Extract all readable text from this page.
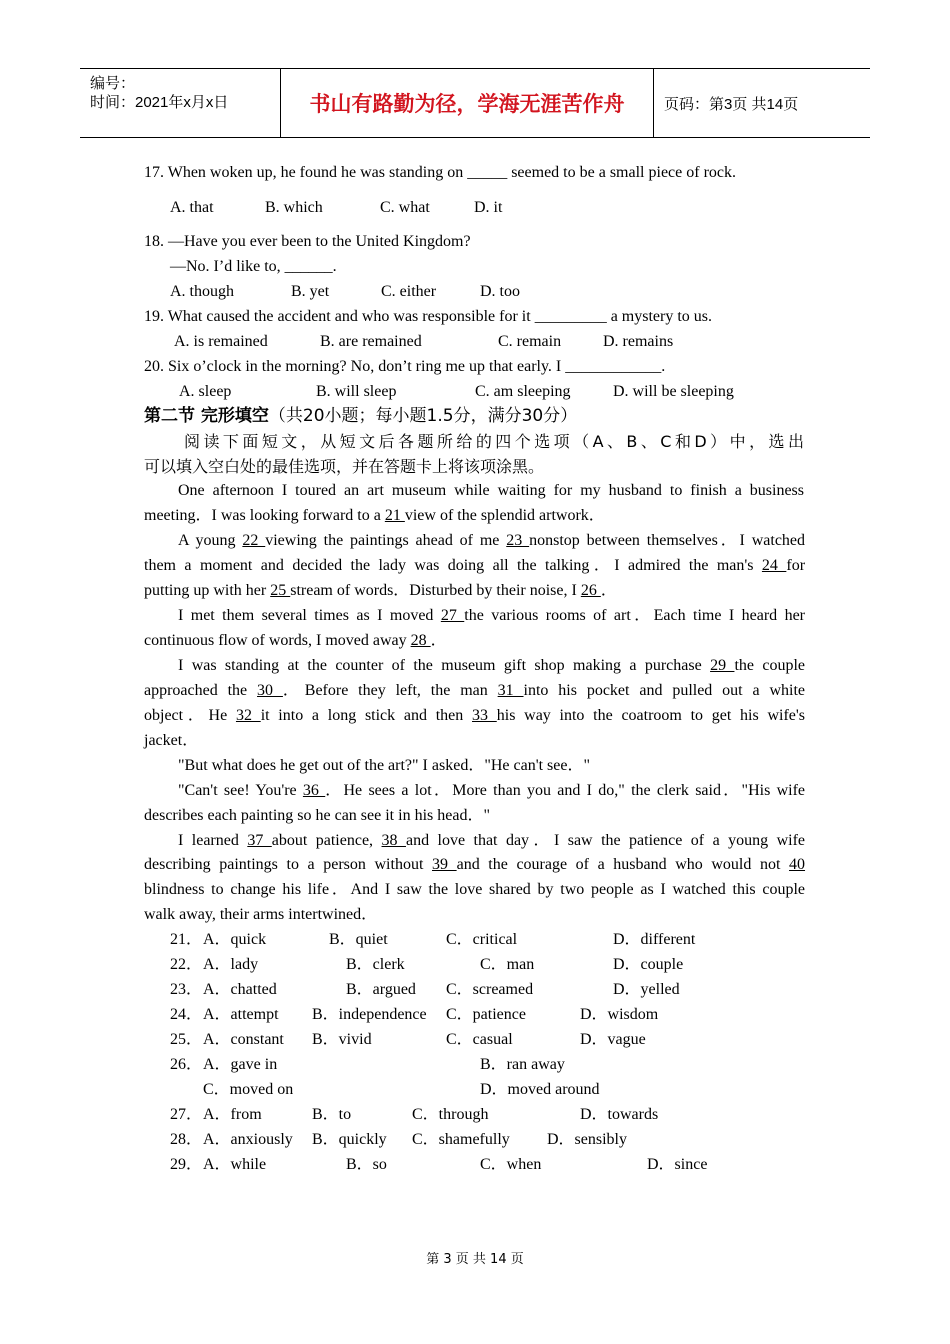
编号：
时间：2021年x月x日	书山有路勤为径，学海无涯苦作舟	页码：第3页 共14页
17. When woken up, he found he was standing on _____ seemed to be a small piece of rock.
A. that	B. which	C. what	D. it
18. —Have you ever been to the United Kingdom?
—No. I’d like to, ______.
A. though	B. yet	C. either	D. too
19. What caused the accident and who was responsible for it _________ a mystery to us.
A. is remained	B. are remained	C. remain	D. remains
20. Six o’clock in the morning? No, don’t ring me up that early. I ____________.
A. sleep	B. will sleep	C. am sleeping	D. will be sleeping
第二节 完形填空（共20小题；每小题1.5分，满分30分）
阅读下面短文，从短文后各题所给的四个选项（A、B、C和D）中，选出
可以填入空白处的最佳选项，并在答题卡上将该项涂黑。
One afternoon I toured an art museum while waiting for my husband to finish a business
meeting．I was looking forward to a 21 view of the splendid artwork．
A young 22 viewing the paintings ahead of me 23 nonstop between themselves．I watched
them a moment and decided the lady was doing all the talking．I admired the man's 24 for
putting up with her 25 stream of words．Disturbed by their noise, I 26 ．
I met them several times as I moved 27 the various rooms of art．Each time I heard her
continuous flow of words, I moved away 28 ．
I was standing at the counter of the museum gift shop making a purchase 29 the couple
approached the 30 ．Before they left, the man 31 into his pocket and pulled out a white
object．He 32 it into a long stick and then 33 his way into the coatroom to get his wife's
jacket．
"But what does he get out of the art?" I asked．"He can't see．"
"Can't see! You're 36 ．He sees a lot．More than you and I do," the clerk said．"His wife
describes each painting so he can see it in his head．"
I learned 37 about patience, 38 and love that day．I saw the patience of a young wife
describing paintings to a person without 39 and the courage of a husband who would not 40
blindness to change his life．And I saw the love shared by two people as I watched this couple
walk away, their arms intertwined．
21． A．quick	B．quiet	C．critical	D．different
22． A．lady	B．clerk	C．man	D．couple
23． A．chatted	B．argued C．screamed	D．yelled
24． A．attempt B．independence C．patience	D．wisdom
25． A．constant B．vivid	C．casual	D．vague
26． A．gave in	B．ran away
C．moved on	D．moved around
27． A．from	B．to	C．through	D．towards
28． A．anxiously B．quickly C．shamefully D．sensibly
29． A．while	B．so	C．when	D．since
第 3 页 共 14 页
